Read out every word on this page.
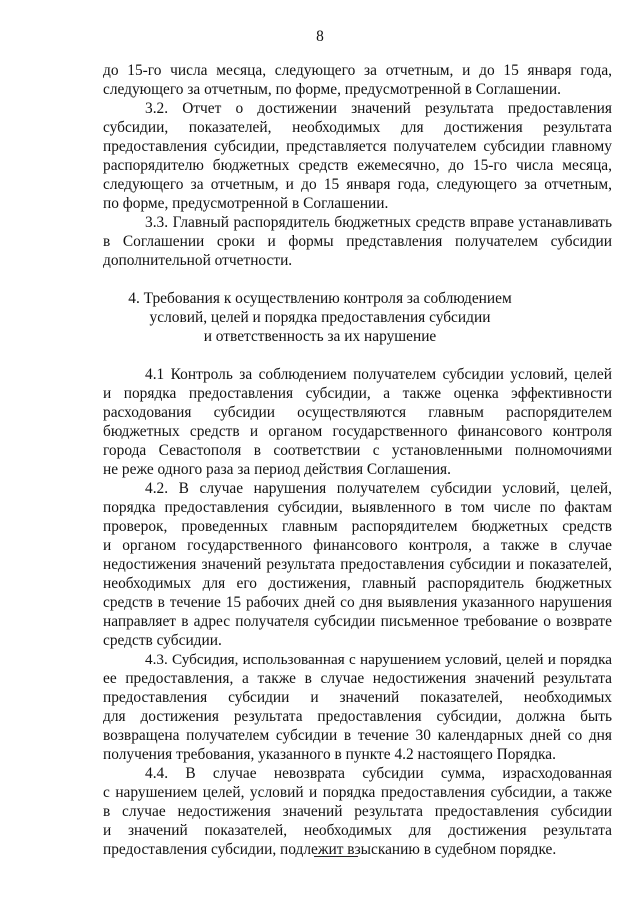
8
до 15-го числа месяца, следующего за отчетным, и до 15 января года,
следующего за отчетным, по форме, предусмотренной в Соглашении.
3.2. Отчет о достижении значений результата предоставления
субсидии, показателей, необходимых для достижения результата
предоставления субсидии, представляется получателем субсидии главному
распорядителю бюджетных средств ежемесячно, до 15-го числа месяца,
следующего за отчетным, и до 15 января года, следующего за отчетным,
по форме, предусмотренной в Соглашении.
3.3. Главный распорядитель бюджетных средств вправе устанавливать
в Соглашении сроки и формы представления получателем субсидии
дополнительной отчетности.
4. Требования к осуществлению контроля за соблюдением
условий, целей и порядка предоставления субсидии
и ответственность за их нарушение
4.1 Контроль за соблюдением получателем субсидии условий, целей
и порядка предоставления субсидии, а также оценка эффективности
расходования субсидии осуществляются главным распорядителем
бюджетных средств и органом государственного финансового контроля
города Севастополя в соответствии с установленными полномочиями
не реже одного раза за период действия Соглашения.
4.2. В случае нарушения получателем субсидии условий, целей,
порядка предоставления субсидии, выявленного в том числе по фактам
проверок, проведенных главным распорядителем бюджетных средств
и органом государственного финансового контроля, а также в случае
недостижения значений результата предоставления субсидии и показателей,
необходимых для его достижения, главный распорядитель бюджетных
средств в течение 15 рабочих дней со дня выявления указанного нарушения
направляет в адрес получателя субсидии письменное требование о возврате
средств субсидии.
4.3. Субсидия, использованная с нарушением условий, целей и порядка
ее предоставления, а также в случае недостижения значений результата
предоставления субсидии и значений показателей, необходимых
для достижения результата предоставления субсидии, должна быть
возвращена получателем субсидии в течение 30 календарных дней со дня
получения требования, указанного в пункте 4.2 настоящего Порядка.
4.4. В случае невозврата субсидии сумма, израсходованная
с нарушением целей, условий и порядка предоставления субсидии, а также
в случае недостижения значений результата предоставления субсидии
и значений показателей, необходимых для достижения результата
предоставления субсидии, подлежит взысканию в судебном порядке.
